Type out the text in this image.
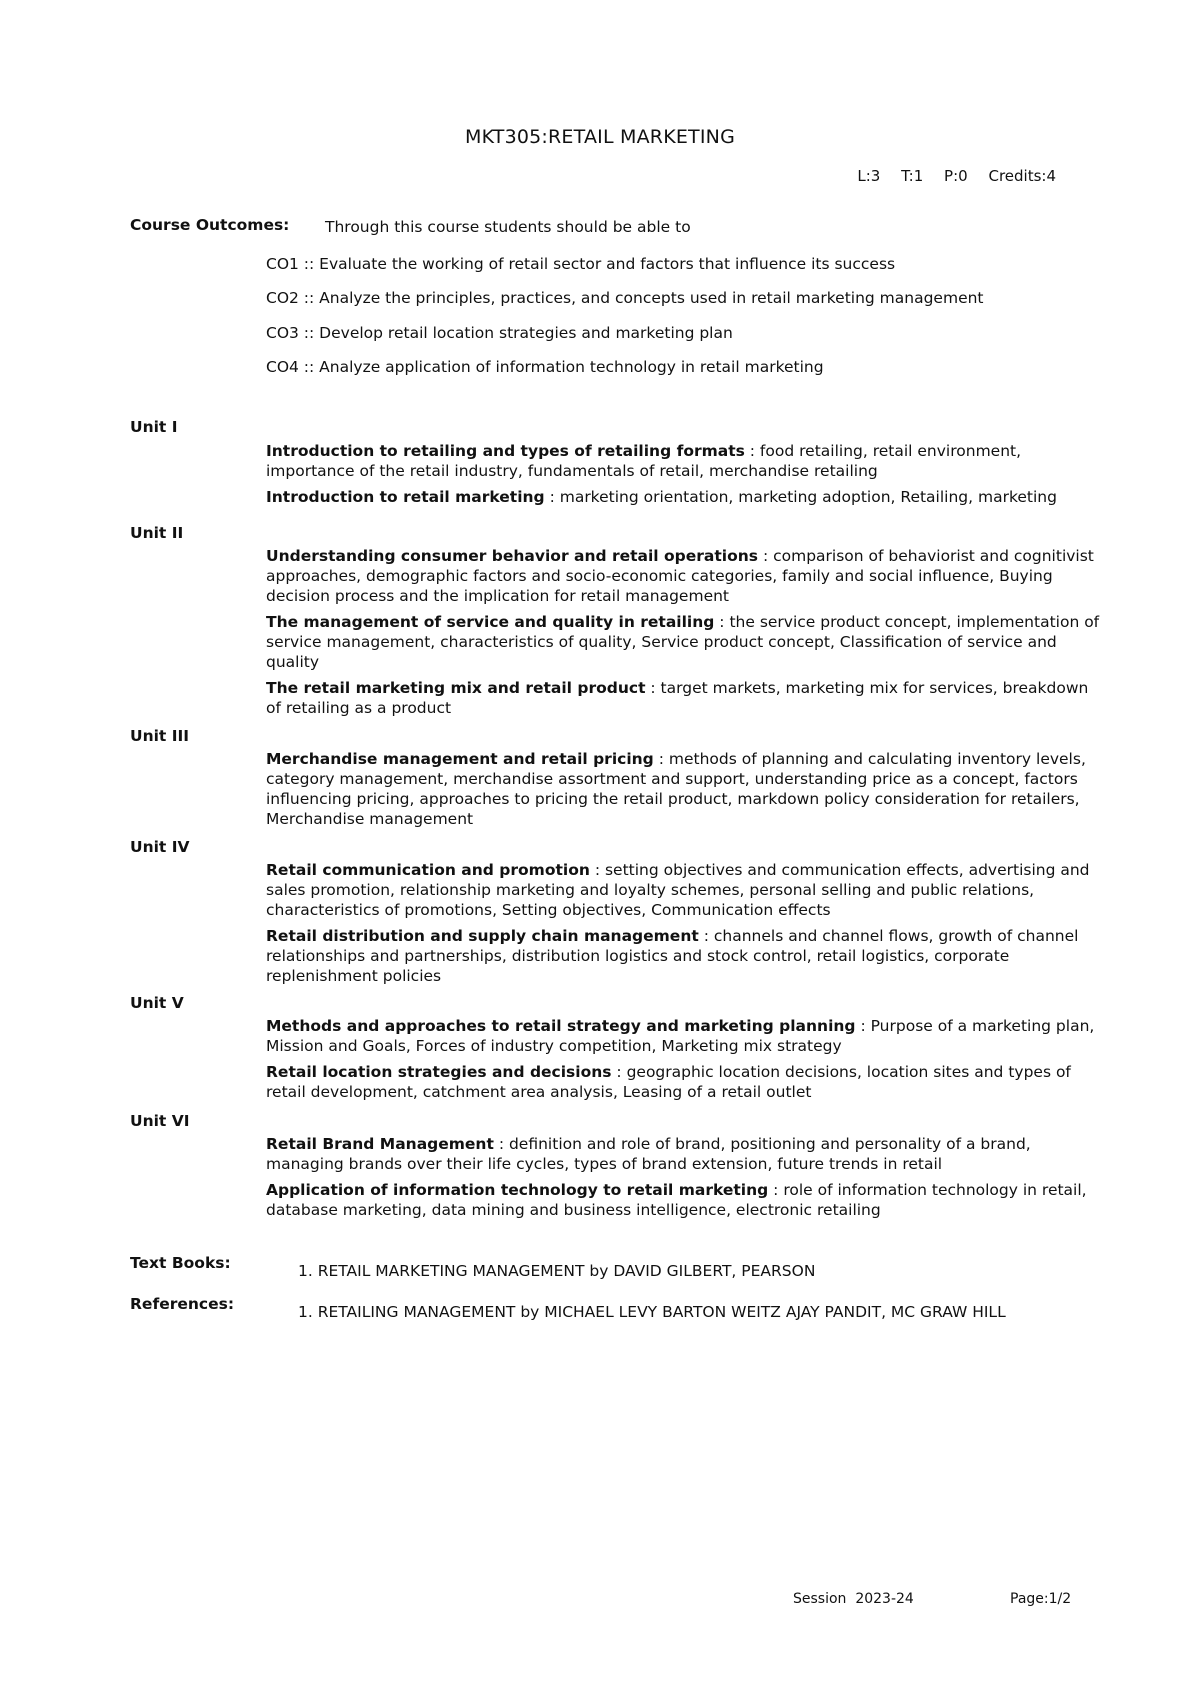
MKT305:RETAIL MARKETING
L:3 T:1 P:0 Credits:4
Course Outcomes: Through this course students should be able to
CO1 :: Evaluate the working of retail sector and factors that influence its success
CO2 :: Analyze the principles, practices, and concepts used in retail marketing management
CO3 :: Develop retail location strategies and marketing plan
CO4 :: Analyze application of information technology in retail marketing
Unit I

Introduction to retailing and types of retailing formats : food retailing, retail environment, importance of the retail industry, fundamentals of retail, merchandise retailing

Introduction to retail marketing : marketing orientation, marketing adoption, Retailing, marketing

Unit II

Understanding consumer behavior and retail operations : comparison of behaviorist and cognitivist approaches, demographic factors and socio-economic categories, family and social influence, Buying decision process and the implication for retail management

The management of service and quality in retailing : the service product concept, implementation of service management, characteristics of quality, Service product concept, Classification of service and quality

The retail marketing mix and retail product : target markets, marketing mix for services, breakdown of retailing as a product

Unit III

Merchandise management and retail pricing : methods of planning and calculating inventory levels, category management, merchandise assortment and support, understanding price as a concept, factors influencing pricing, approaches to pricing the retail product, markdown policy consideration for retailers, Merchandise management

Unit IV

Retail communication and promotion : setting objectives and communication effects, advertising and sales promotion, relationship marketing and loyalty schemes, personal selling and public relations, characteristics of promotions, Setting objectives, Communication effects

Retail distribution and supply chain management : channels and channel flows, growth of channel relationships and partnerships, distribution logistics and stock control, retail logistics, corporate replenishment policies

Unit V

Methods and approaches to retail strategy and marketing planning : Purpose of a marketing plan, Mission and Goals, Forces of industry competition, Marketing mix strategy

Retail location strategies and decisions : geographic location decisions, location sites and types of retail development, catchment area analysis, Leasing of a retail outlet

Unit VI

Retail Brand Management : definition and role of brand, positioning and personality of a brand, managing brands over their life cycles, types of brand extension, future trends in retail

Application of information technology to retail marketing : role of information technology in retail, database marketing, data mining and business intelligence, electronic retailing

Text Books:	1. RETAIL MARKETING MANAGEMENT by DAVID GILBERT, PEARSON
References:	1. RETAILING MANAGEMENT by MICHAEL LEVY BARTON WEITZ AJAY PANDIT, MC GRAW HILL
Session  2023-24	Page:1/2
